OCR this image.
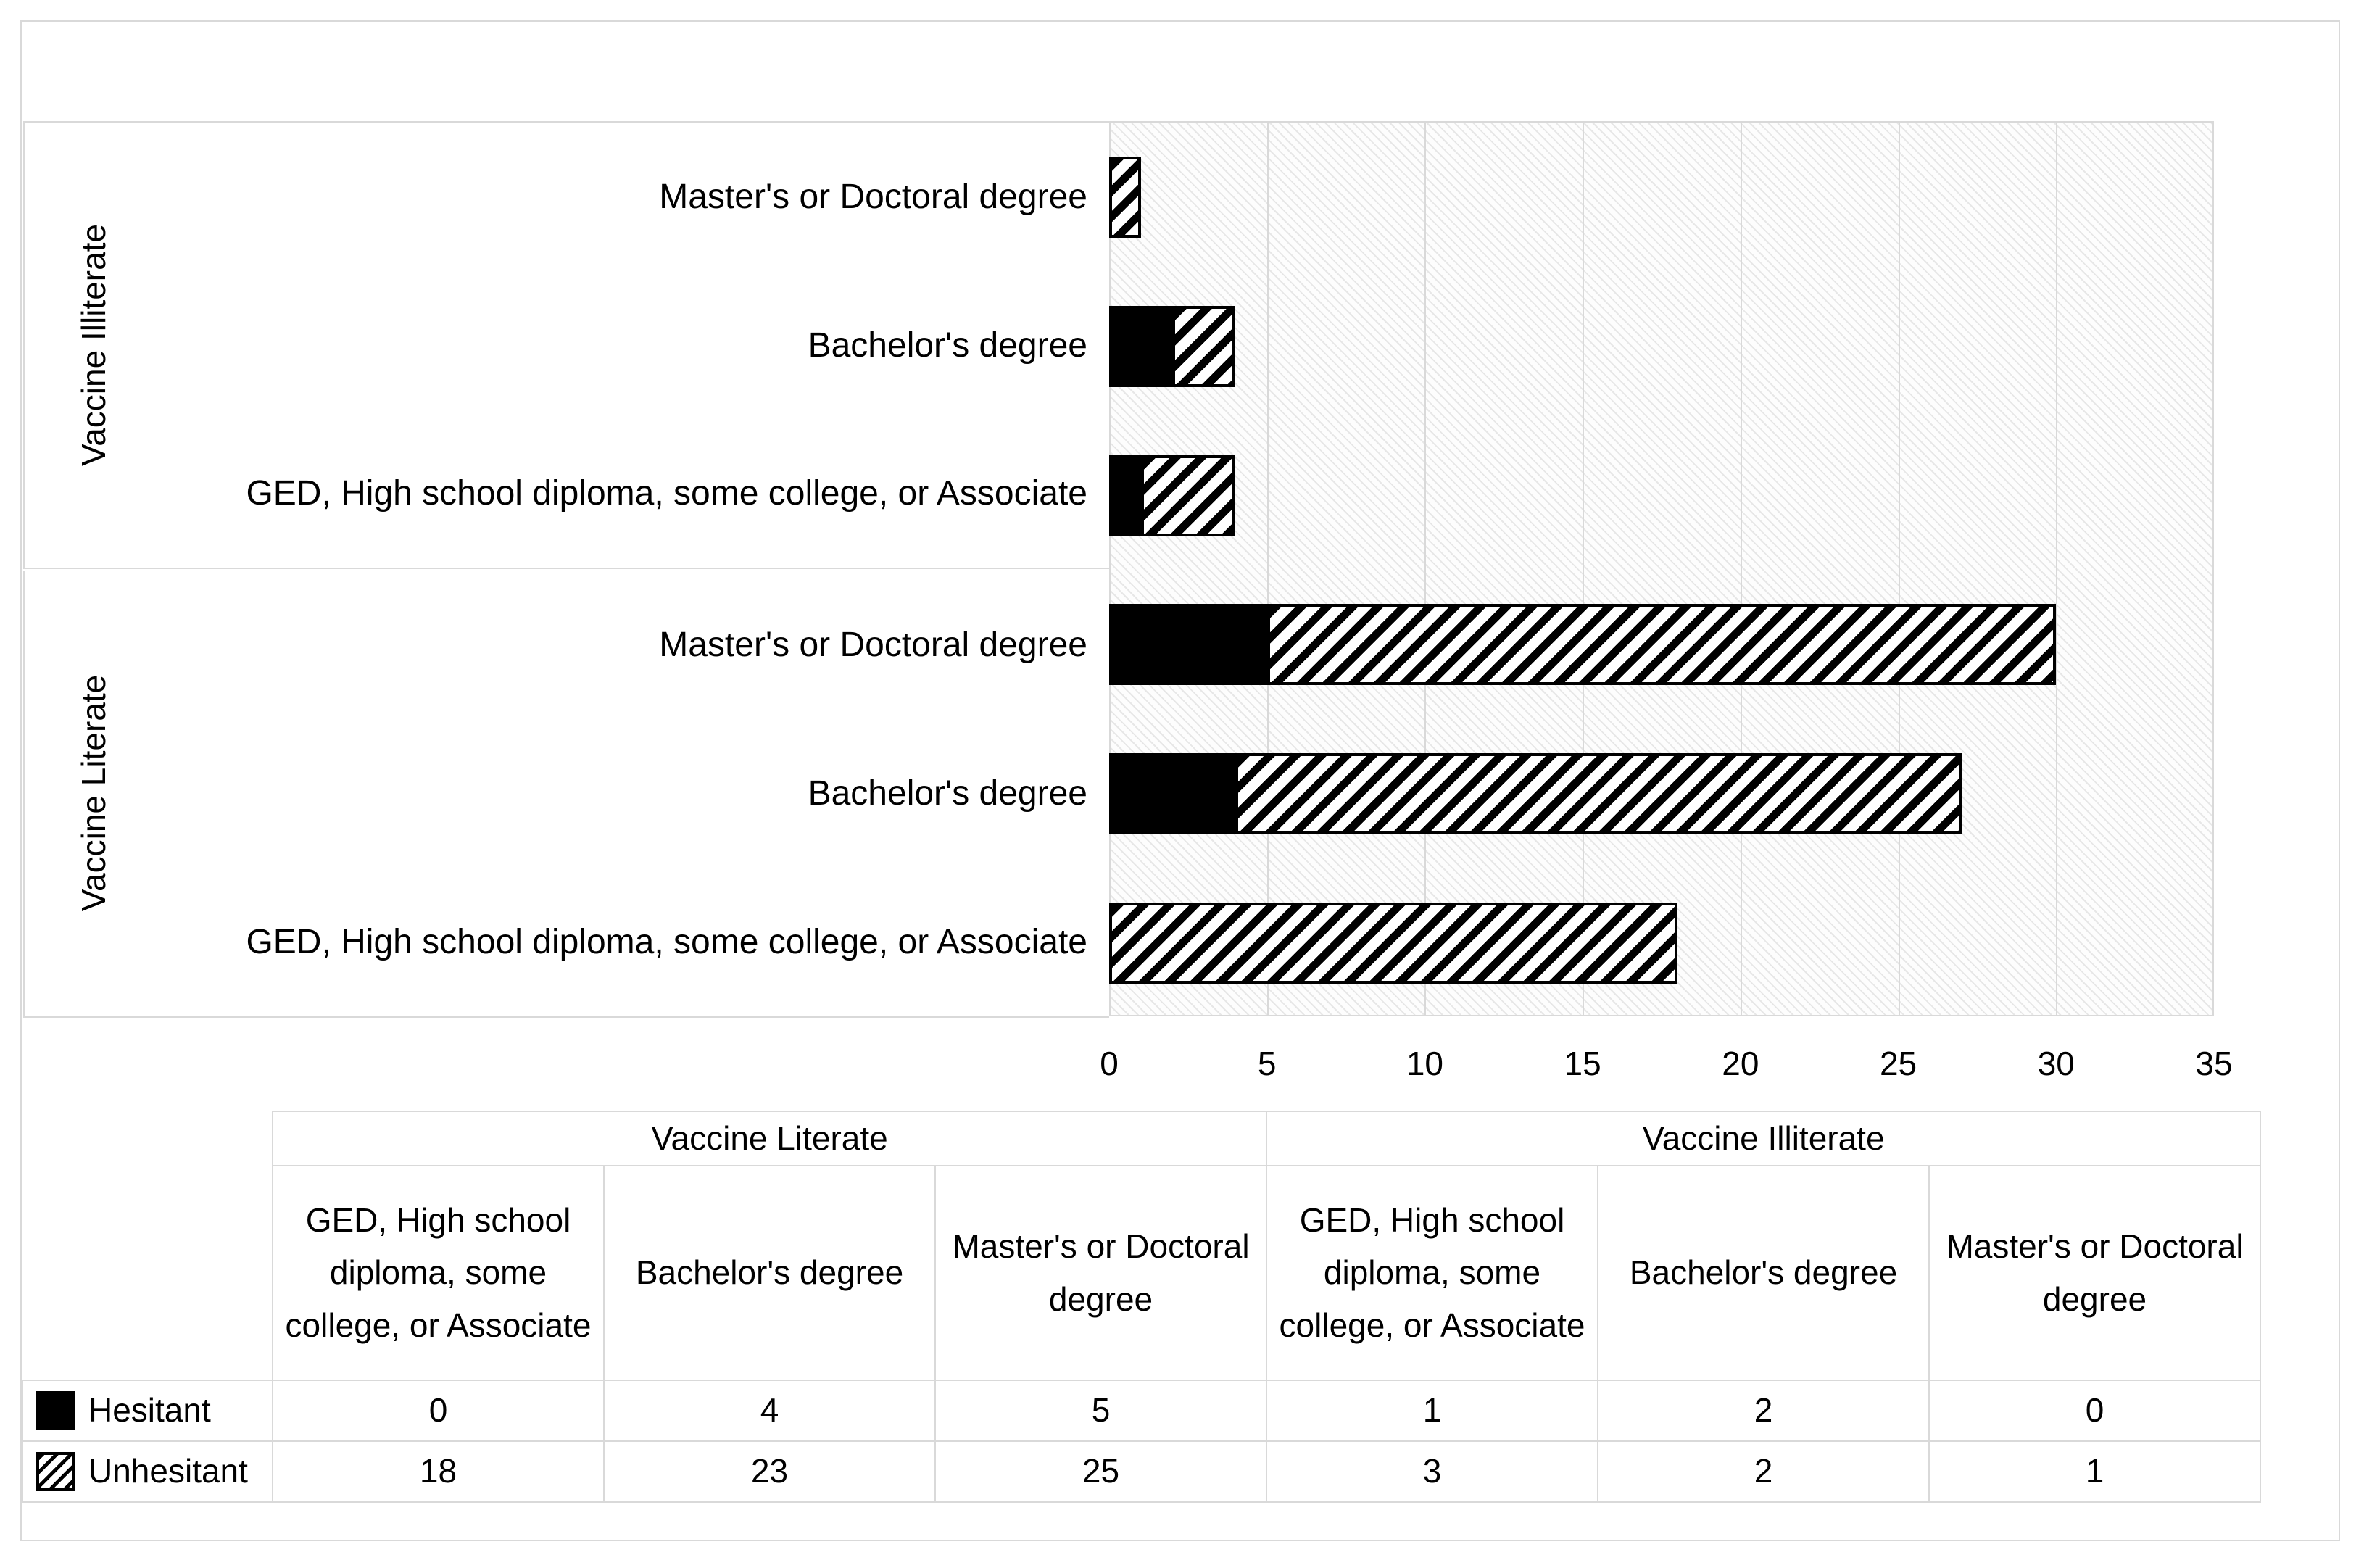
Vaccine Illiterate
Master's or Doctoral degree
Bachelor's degree
GED, High school diploma, some college, or Associate
Vaccine Literate
Master's or Doctoral degree
Bachelor's degree
GED, High school diploma, some college, or Associate
0	5	10	15	20	25	30	35
	Vaccine Literate			Vaccine Illiterate		
	GED, High school diploma, some college, or Associate	Bachelor's degree	Master's or Doctoral degree	GED, High school diploma, some college, or Associate	Bachelor's degree	Master's or Doctoral degree
Hesitant	0	4	5	1	2	0
Unhesitant	18	23	25	3	2	1
